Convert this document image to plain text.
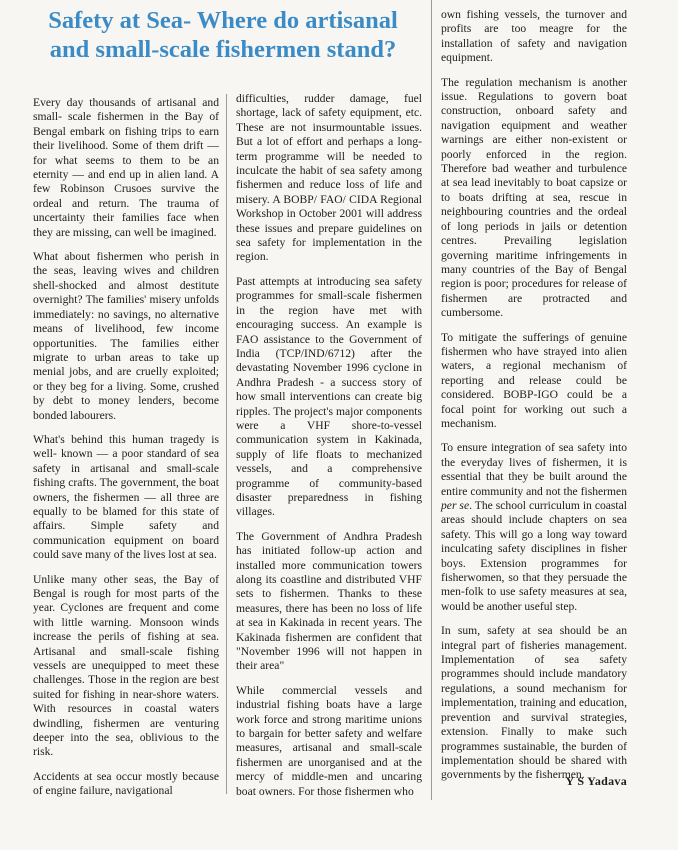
Safety at Sea- Where do artisanal and small-scale fishermen stand?

Every day thousands of artisanal and small- scale fishermen in the Bay of Bengal embark on fishing trips to earn their livelihood. Some of them drift — for what seems to them to be an eternity — and end up in alien land. A few Robinson Crusoes survive the ordeal and return. The trauma of uncertainty their families face when they are missing, can well be imagined.

What about fishermen who perish in the seas, leaving wives and children shell-shocked and almost destitute overnight? The families' misery unfolds immediately: no savings, no alternative means of livelihood, few income opportunities. The families either migrate to urban areas to take up menial jobs, and are cruelly exploited; or they beg for a living. Some, crushed by debt to money lenders, become bonded labourers.

What's behind this human tragedy is well- known — a poor standard of sea safety in artisanal and small-scale fishing crafts. The government, the boat owners, the fishermen — all three are equally to be blamed for this state of affairs. Simple safety and communication equipment on board could save many of the lives lost at sea.

Unlike many other seas, the Bay of Bengal is rough for most parts of the year. Cyclones are frequent and come with little warning. Monsoon winds increase the perils of fishing at sea. Artisanal and small-scale fishing vessels are unequipped to meet these challenges. Those in the region are best suited for fishing in near-shore waters. With resources in coastal waters dwindling, fishermen are venturing deeper into the sea, oblivious to the risk.

Accidents at sea occur mostly because of engine failure, navigational

difficulties, rudder damage, fuel shortage, lack of safety equipment, etc. These are not insurmountable issues. But a lot of effort and perhaps a long-term programme will be needed to inculcate the habit of sea safety among fishermen and reduce loss of life and misery. A BOBP/ FAO/ CIDA Regional Workshop in October 2001 will address these issues and prepare guidelines on sea safety for implementation in the region.

Past attempts at introducing sea safety programmes for small-scale fishermen in the region have met with encouraging success. An example is FAO assistance to the Government of India (TCP/IND/6712) after the devastating November 1996 cyclone in Andhra Pradesh - a success story of how small interventions can create big ripples. The project's major components were a VHF shore-to-vessel communication system in Kakinada, supply of life floats to mechanized vessels, and a comprehensive programme of community-based disaster preparedness in fishing villages.

The Government of Andhra Pradesh has initiated follow-up action and installed more communication towers along its coastline and distributed VHF sets to fishermen. Thanks to these measures, there has been no loss of life at sea in Kakinada in recent years. The Kakinada fishermen are confident that "November 1996 will not happen in their area"

While commercial vessels and industrial fishing boats have a large work force and strong maritime unions to bargain for better safety and welfare measures, artisanal and small-scale fishermen are unorganised and at the mercy of middle-men and uncaring boat owners. For those fishermen who

own fishing vessels, the turnover and profits are too meagre for the installation of safety and navigation equipment.

The regulation mechanism is another issue. Regulations to govern boat construction, onboard safety and navigation equipment and weather warnings are either non-existent or poorly enforced in the region. Therefore bad weather and turbulence at sea lead inevitably to boat capsize or to boats drifting at sea, rescue in neighbouring countries and the ordeal of long periods in jails or detention centres. Prevailing legislation governing maritime infringements in many countries of the Bay of Bengal region is poor; procedures for release of fishermen are protracted and cumbersome.

To mitigate the sufferings of genuine fishermen who have strayed into alien waters, a regional mechanism of reporting and release could be considered. BOBP-IGO could be a focal point for working out such a mechanism.

To ensure integration of sea safety into the everyday lives of fishermen, it is essential that they be built around the entire community and not the fishermen per se. The school curriculum in coastal areas should include chapters on sea safety. This will go a long way toward inculcating safety disciplines in fisher boys. Extension programmes for fisherwomen, so that they persuade the men-folk to use safety measures at sea, would be another useful step.

In sum, safety at sea should be an integral part of fisheries management. Implementation of sea safety programmes should include mandatory regulations, a sound mechanism for implementation, training and education, prevention and survival strategies, extension. Finally to make such programmes sustainable, the burden of implementation should be shared with governments by the fishermen.

Y S Yadava
